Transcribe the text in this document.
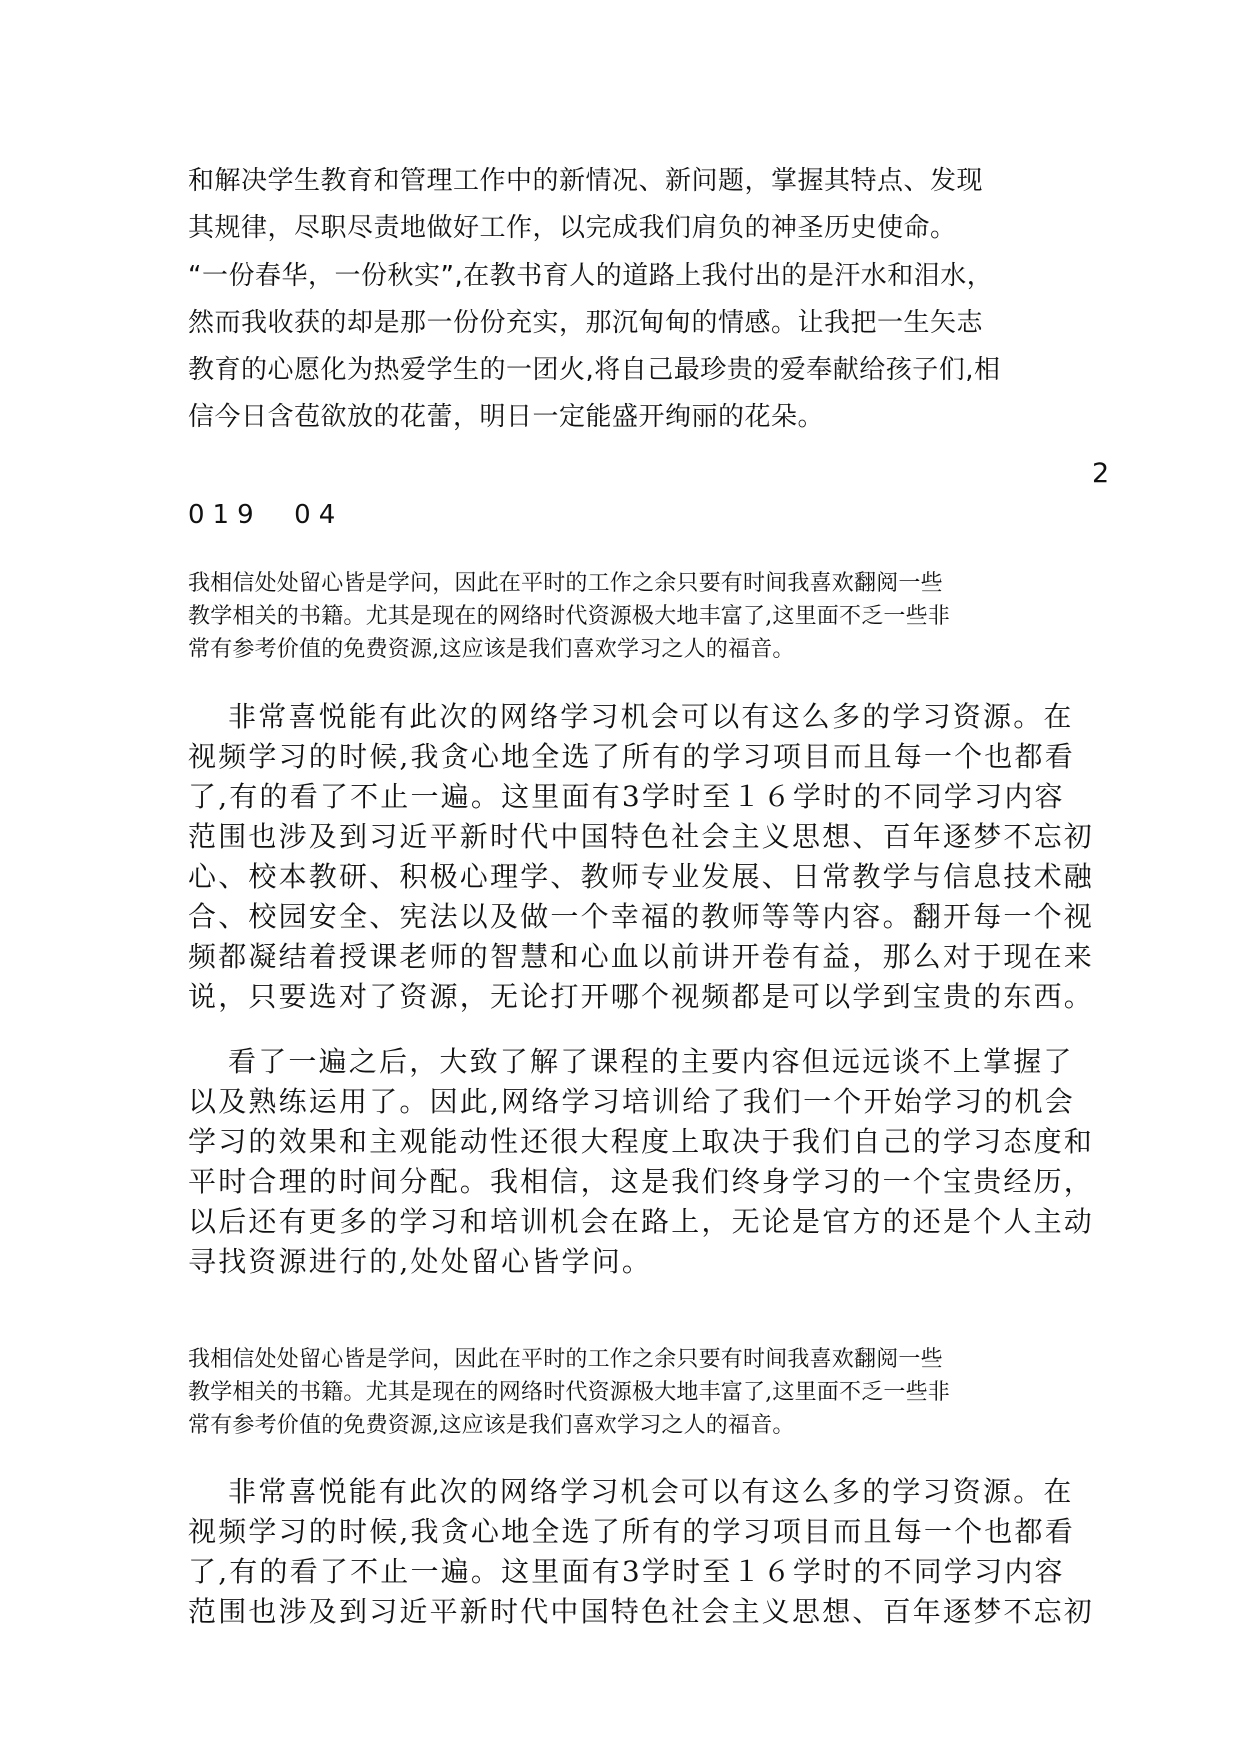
和解决学生教育和管理工作中的新情况、新问题，掌握其特点、发现

其规律，尽职尽责地做好工作，以完成我们肩负的神圣历史使命。

“一份春华，一份秋实”,在教书育人的道路上我付出的是汗水和泪水，

然而我收获的却是那一份份充实，那沉甸甸的情感。让我把一生矢志

教育的心愿化为热爱学生的一团火,将自己最珍贵的爱奉献给孩子们,相

信今日含苞欲放的花蕾，明日一定能盛开绚丽的花朵。

2
019  04

我相信处处留心皆是学问，因此在平时的工作之余只要有时间我喜欢翻阅一些

教学相关的书籍。尤其是现在的网络时代资源极大地丰富了,这里面不乏一些非

常有参考价值的免费资源,这应该是我们喜欢学习之人的福音。

非常喜悦能有此次的网络学习机会可以有这么多的学习资源。在

视频学习的时候,我贪心地全选了所有的学习项目而且每一个也都看

了,有的看了不止一遍。这里面有3学时至１６学时的不同学习内容

范围也涉及到习近平新时代中国特色社会主义思想、百年逐梦不忘初

心、校本教研、积极心理学、教师专业发展、日常教学与信息技术融

合、校园安全、宪法以及做一个幸福的教师等等内容。翻开每一个视

频都凝结着授课老师的智慧和心血以前讲开卷有益，那么对于现在来

说，只要选对了资源，无论打开哪个视频都是可以学到宝贵的东西。

看了一遍之后，大致了解了课程的主要内容但远远谈不上掌握了

以及熟练运用了。因此,网络学习培训给了我们一个开始学习的机会

学习的效果和主观能动性还很大程度上取决于我们自己的学习态度和

平时合理的时间分配。我相信，这是我们终身学习的一个宝贵经历，

以后还有更多的学习和培训机会在路上，无论是官方的还是个人主动

寻找资源进行的,处处留心皆学问。

我相信处处留心皆是学问，因此在平时的工作之余只要有时间我喜欢翻阅一些

教学相关的书籍。尤其是现在的网络时代资源极大地丰富了,这里面不乏一些非

常有参考价值的免费资源,这应该是我们喜欢学习之人的福音。

非常喜悦能有此次的网络学习机会可以有这么多的学习资源。在

视频学习的时候,我贪心地全选了所有的学习项目而且每一个也都看

了,有的看了不止一遍。这里面有3学时至１６学时的不同学习内容

范围也涉及到习近平新时代中国特色社会主义思想、百年逐梦不忘初
